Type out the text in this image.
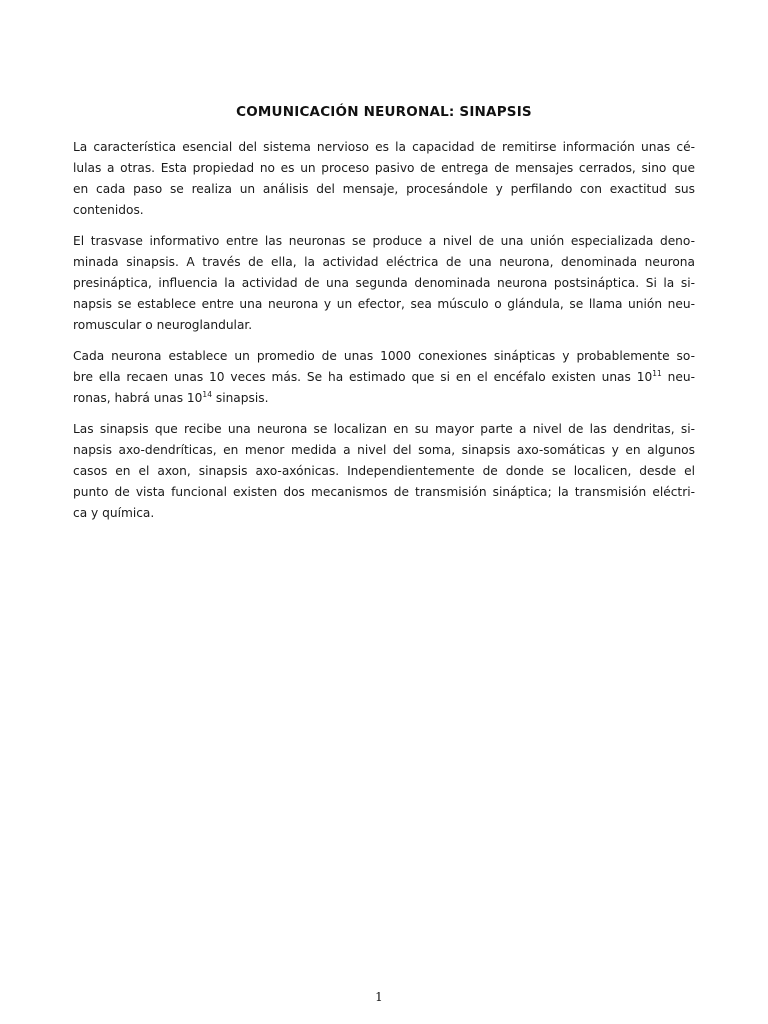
COMUNICACIÓN NEURONAL: SINAPSIS

La característica esencial del sistema nervioso es la capacidad de remitirse información unas cé-
lulas a otras. Esta propiedad no es un proceso pasivo de entrega de mensajes cerrados, sino que
en cada paso se realiza un análisis del mensaje, procesándole y perfilando con exactitud sus
contenidos.

El trasvase informativo entre las neuronas se produce a nivel de una unión especializada deno-
minada sinapsis. A través de ella, la actividad eléctrica de una neurona, denominada neurona
presináptica, influencia la actividad de una segunda denominada neurona postsináptica. Si la si-
napsis se establece entre una neurona y un efector, sea músculo o glándula, se llama unión neu-
romuscular o neuroglandular.

Cada neurona establece un promedio de unas 1000 conexiones sinápticas y probablemente so-
bre ella recaen unas 10 veces más. Se ha estimado que si en el encéfalo existen unas $10^{11}$ neu-
ronas, habrá unas $10^{14}$ sinapsis.

Las sinapsis que recibe una neurona se localizan en su mayor parte a nivel de las dendritas, si-
napsis axo-dendríticas, en menor medida a nivel del soma, sinapsis axo-somáticas y en algunos
casos en el axon, sinapsis axo-axónicas. Independientemente de donde se localicen, desde el
punto de vista funcional existen dos mecanismos de transmisión sináptica; la transmisión eléctri-
ca y química.

1
